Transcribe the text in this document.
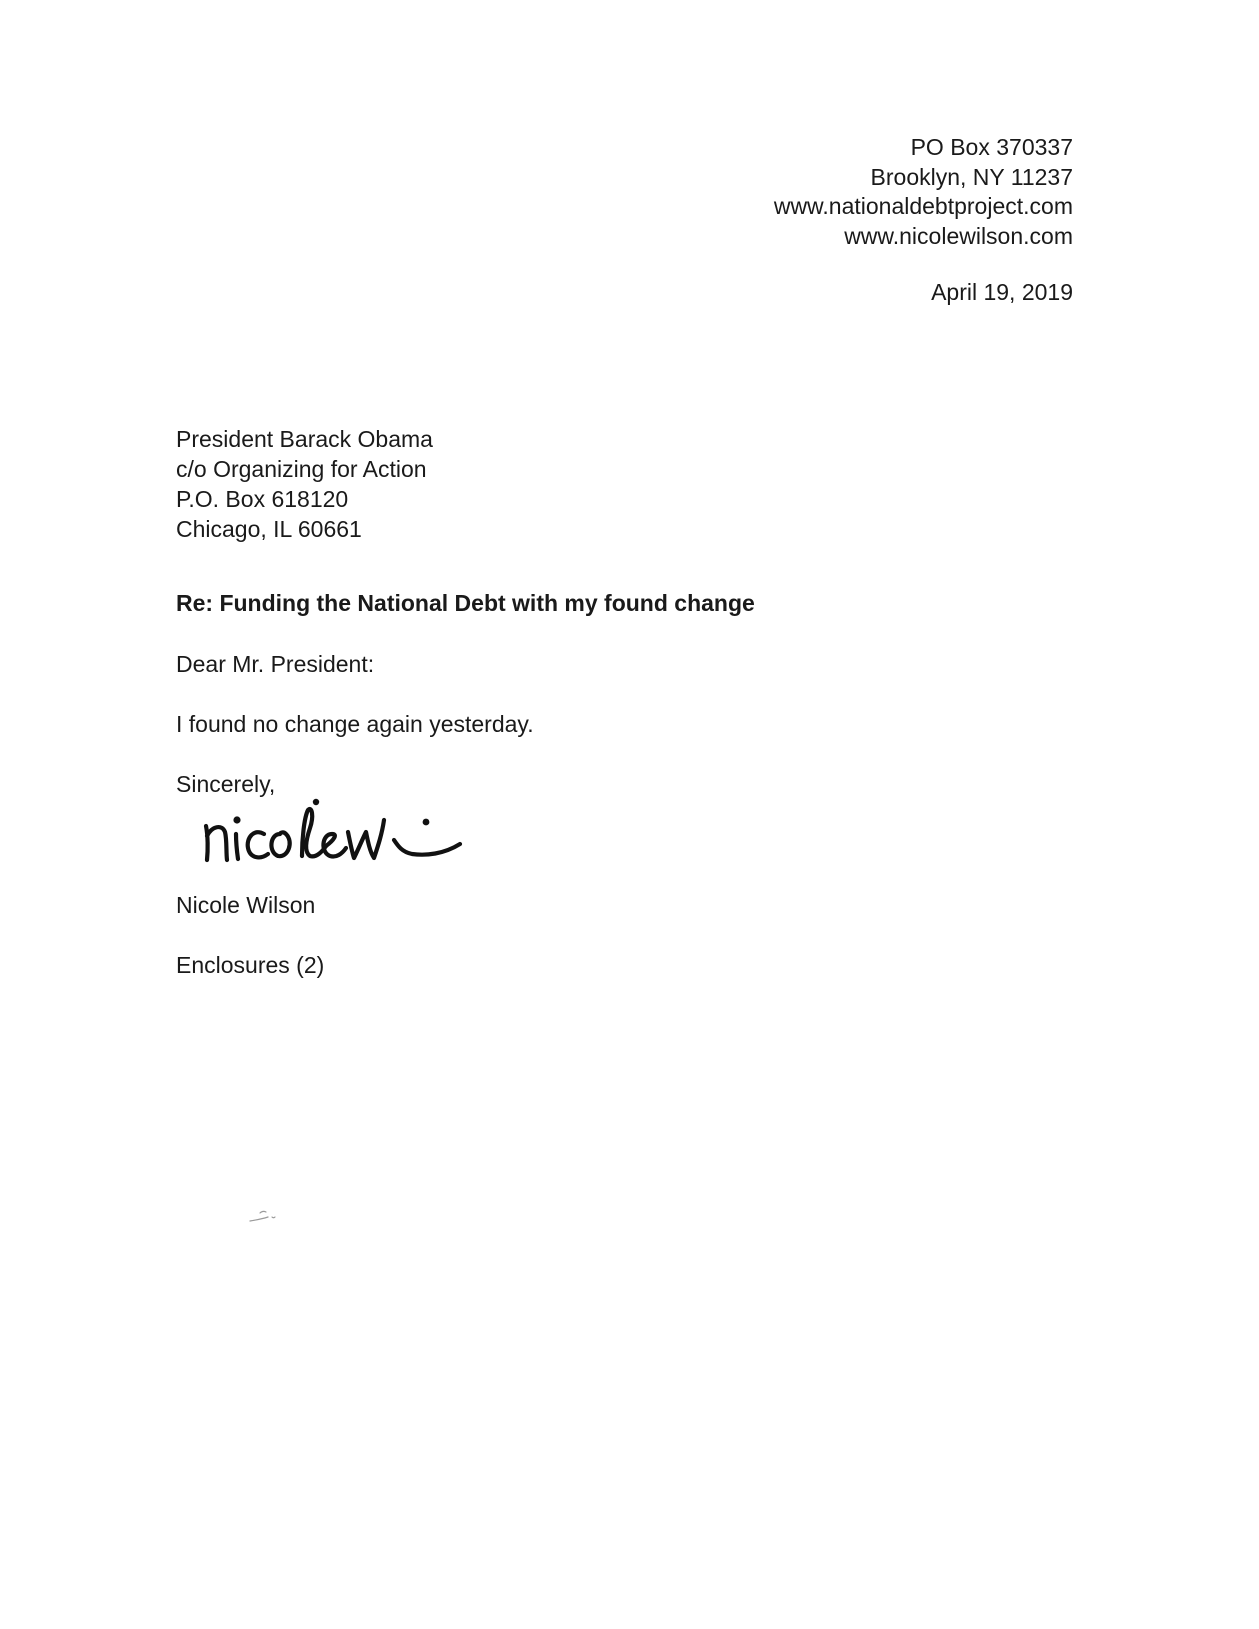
PO Box 370337
Brooklyn, NY 11237
www.nationaldebtproject.com
www.nicolewilson.com
April 19, 2019
President Barack Obama
c/o Organizing for Action
P.O. Box 618120
Chicago, IL 60661
Re: Funding the National Debt with my found change
Dear Mr. President:
I found no change again yesterday.
Sincerely,
Nicole Wilson
Enclosures (2)
